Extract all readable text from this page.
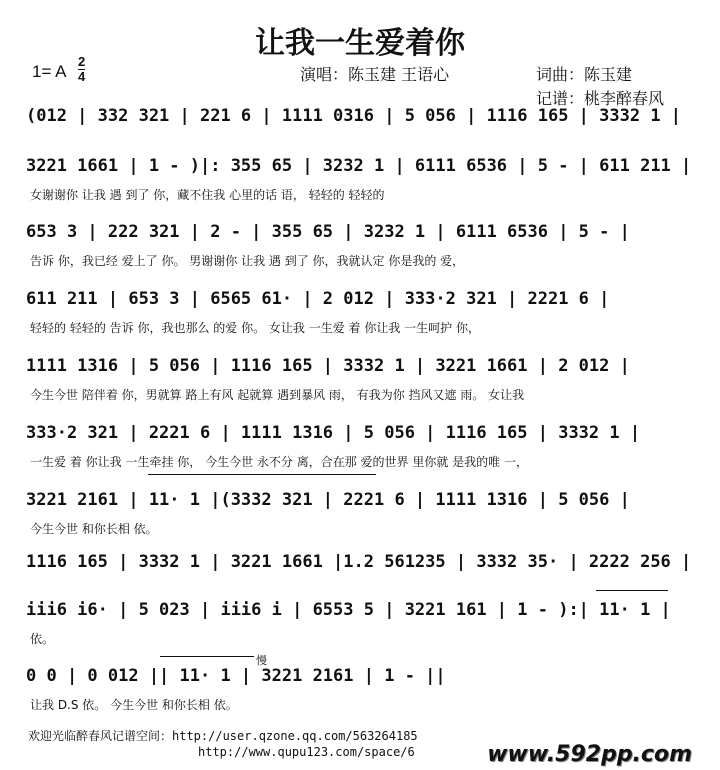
让我一生爱着你
1= A
2
4	演唱：陈玉建 王语心	词曲：陈玉建
记谱：桃李醉春风
(012 | 332 321 | 221 6 | 1111 0316 | 5 056 | 1116 165 | 3332 1 |
3221 1661 | 1 - )|: 355 65 | 3232 1 | 6111 6536 | 5 - | 611 211 |
女谢谢你 让我 遇 到了 你，藏不住我 心里的话 语， 轻轻的 轻轻的
653 3 | 222 321 | 2 - | 355 65 | 3232 1 | 6111 6536 | 5 - |
告诉 你，我已经 爱上了 你。 男谢谢你 让我 遇 到了 你，我就认定 你是我的 爱，
611 211 | 653 3 | 6565 61· | 2 012 | 333·2 321 | 2221 6 |
轻轻的 轻轻的 告诉 你，我也那么 的爱 你。 女让我 一生爱 着 你让我 一生呵护 你，
1111 1316 | 5 056 | 1116 165 | 3332 1 | 3221 1661 | 2 012 |
今生今世 陪伴着 你，男就算 路上有风 起就算 遇到暴风 雨， 有我为你 挡风又遮 雨。 女让我
333·2 321 | 2221 6 | 1111 1316 | 5 056 | 1116 165 | 3332 1 |
一生爱 着 你让我 一生牵挂 你， 今生今世 永不分 离，合在那 爱的世界 里你就 是我的唯 一，
3221 2161 | 11· 1 |(3332 321 | 2221 6 | 1111 1316 | 5 056 |
今生今世 和你长相 依。
1116 165 | 3332 1 | 3221 1661 |1.2 561235 | 3332 35· | 2222 256 |
iii6 i6· | 5 023 | iii6 i | 6553 5 | 3221 161 | 1 - ):| 11· 1 |
依。
0 0 | 0 012 || 11· 1 | 3221 2161 | 1 - ||
让我 D.S 依。 今生今世 和你长相 依。
慢
欢迎光临醉春风记谱空间：http://user.qzone.qq.com/563264185
http://www.qupu123.com/space/6	www.592pp.com
